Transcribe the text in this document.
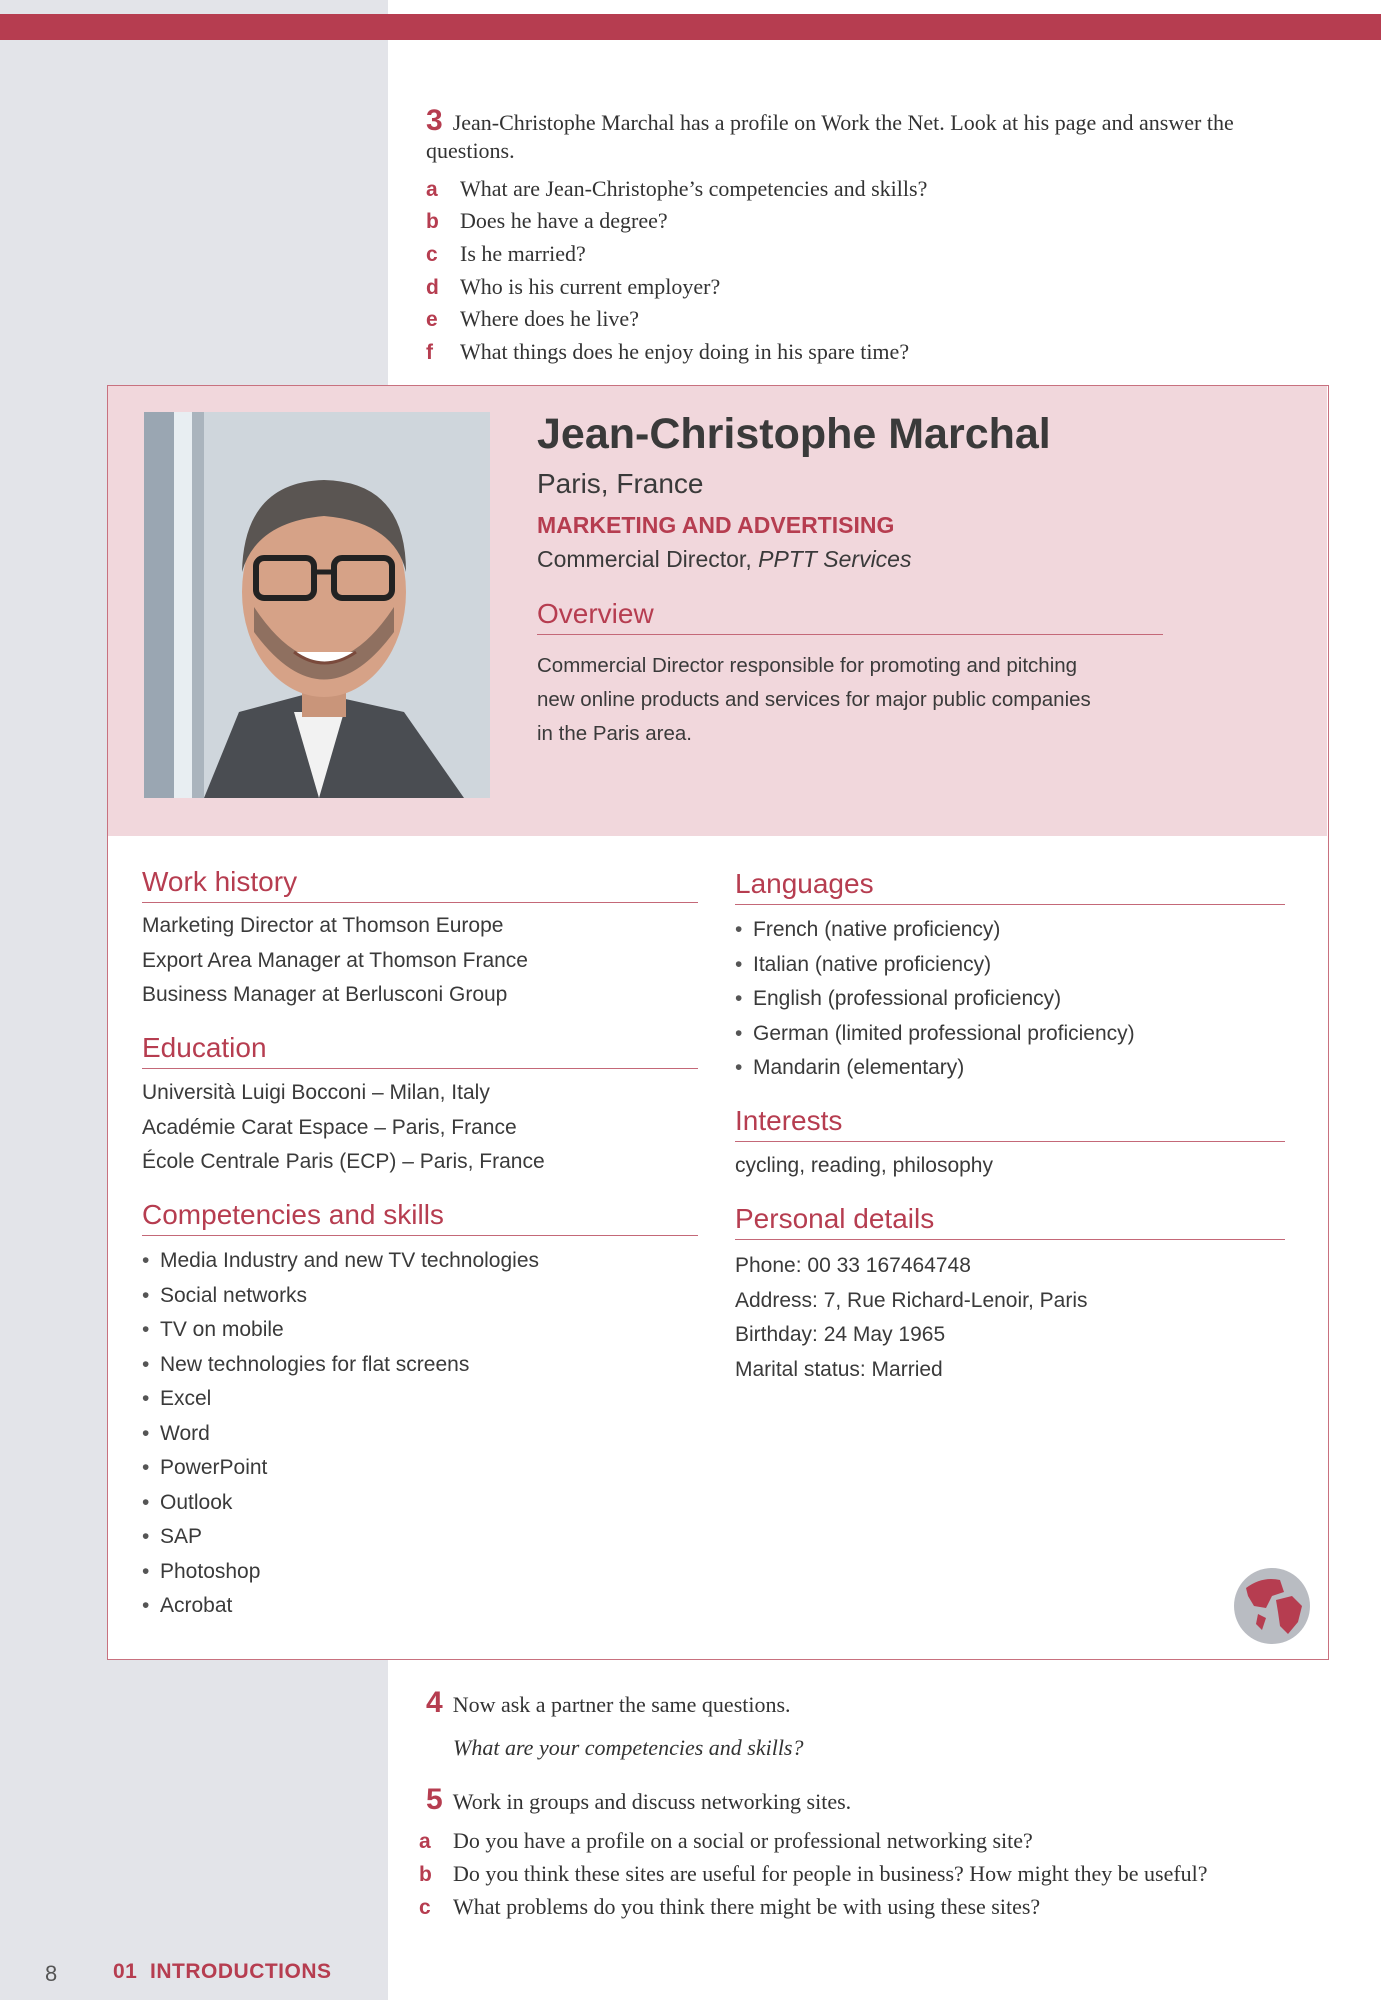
3 Jean-Christophe Marchal has a profile on Work the Net. Look at his page and answer the questions.
a What are Jean-Christophe’s competencies and skills?
b Does he have a degree?
c Is he married?
d Who is his current employer?
e Where does he live?
f What things does he enjoy doing in his spare time?
Jean-Christophe Marchal
Paris, France
MARKETING AND ADVERTISING
Commercial Director, PPTT Services
Overview
Commercial Director responsible for promoting and pitching
new online products and services for major public companies
in the Paris area.
Work history
Marketing Director at Thomson Europe
Export Area Manager at Thomson France
Business Manager at Berlusconi Group
Education
Università Luigi Bocconi – Milan, Italy
Académie Carat Espace – Paris, France
École Centrale Paris (ECP) – Paris, France
Competencies and skills
• Media Industry and new TV technologies
• Social networks
• TV on mobile
• New technologies for flat screens
• Excel
• Word
• PowerPoint
• Outlook
• SAP
• Photoshop
• Acrobat
Languages
• French (native proficiency)
• Italian (native proficiency)
• English (professional proficiency)
• German (limited professional proficiency)
• Mandarin (elementary)
Interests
cycling, reading, philosophy
Personal details
Phone: 00 33 167464748
Address: 7, Rue Richard-Lenoir, Paris
Birthday: 24 May 1965
Marital status: Married
4 Now ask a partner the same questions.
What are your competencies and skills?
5 Work in groups and discuss networking sites.
a Do you have a profile on a social or professional networking site?
b Do you think these sites are useful for people in business? How might they be useful?
c What problems do you think there might be with using these sites?
8	01 INTRODUCTIONS
